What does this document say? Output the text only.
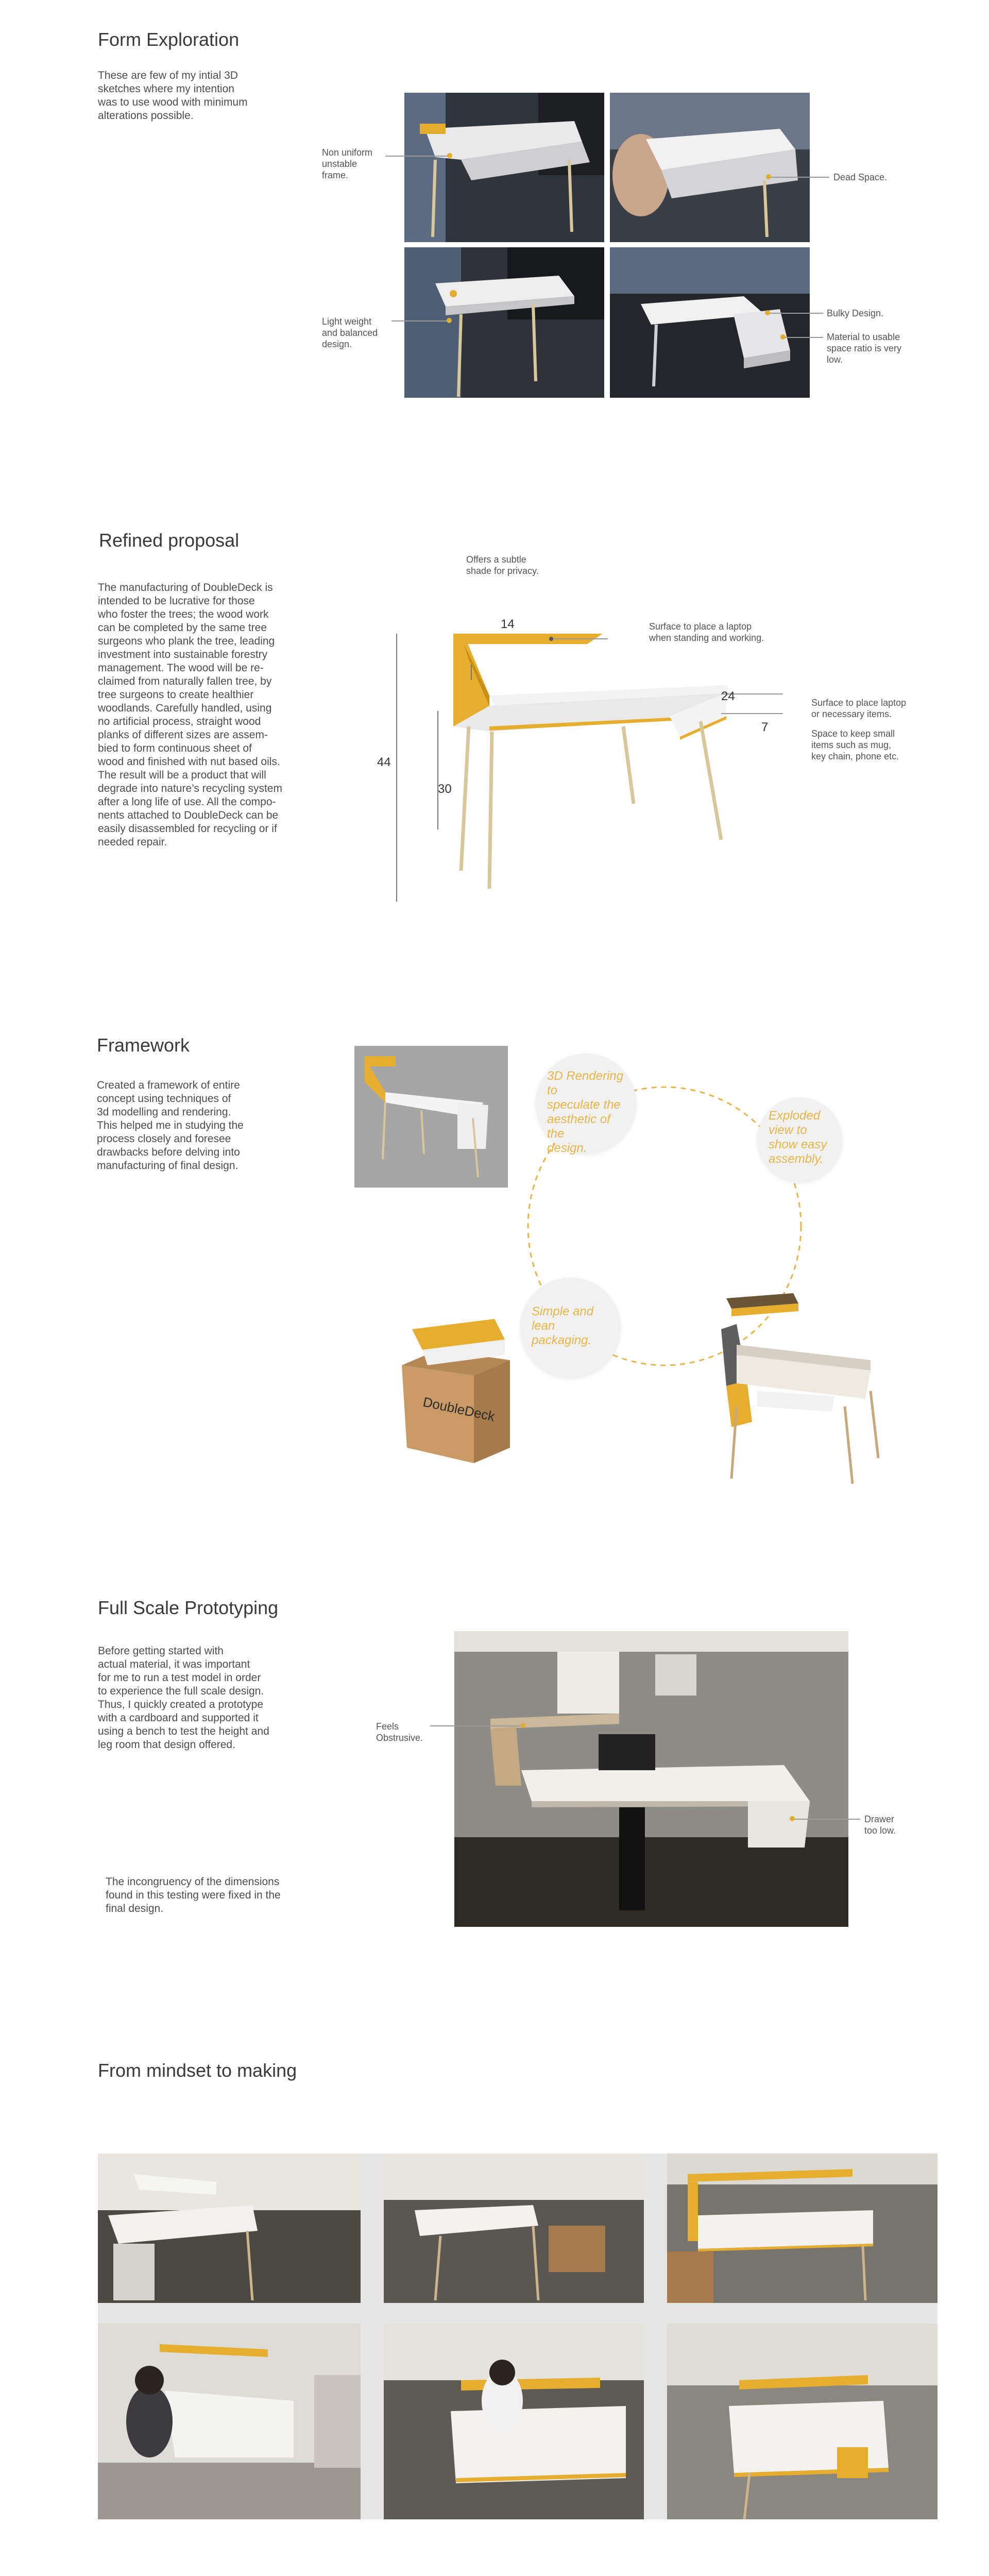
Form Exploration

These are few of my intial 3D
sketches where my intention
was to use wood with minimum
alterations possible.

Non uniform
unstable
frame.	Dead Space.

Light weight
and balanced
design.

Bulky Design.

Material to usable
space ratio is very
low.

Refined proposal

The manufacturing of DoubleDeck is
intended to be lucrative for those
who foster the trees; the wood work
can be completed by the same tree
surgeons who plank the tree, leading
investment into sustainable forestry
management. The wood will be re-
claimed from naturally fallen tree, by
tree surgeons to create healthier
woodlands. Carefully handled, using
no artificial process, straight wood
planks of different sizes are assem-
bied to form continuous sheet of
wood and finished with nut based oils.
The result will be a product that will
degrade into nature’s recycling system
after a long life of use. All the compo-
nents attached to DoubleDeck can be
easily disassembled for recycling or if
needed repair.

14
24
7
44
30

Offers a subtle
shade for privacy.

Surface to place a laptop
when standing and working.

Surface to place laptop
or necessary items.

Space to keep small
items such as mug,
key chain, phone etc.

Framework

Created a framework of entire
concept using techniques of
3d modelling and rendering.
This helped me in studying the
process closely and foresee
drawbacks before delving into
manufacturing of final design.

3D Rendering to
speculate the
aesthetic of the
design.
Exploded
view to
show easy
assembly.
Simple and
lean
packaging.
DoubleDeck
Full Scale Prototyping

Before getting started with
actual material, it was important
for me to run a test model in order
to experience the full scale design.
Thus, I quickly created a prototype
with a cardboard and supported it
using a bench to test the height and
leg room that design offered.

The incongruency of the dimensions
found in this testing were fixed in the
final design.

Feels
Obstrusive.

Drawer
too low.

From mindset to making
